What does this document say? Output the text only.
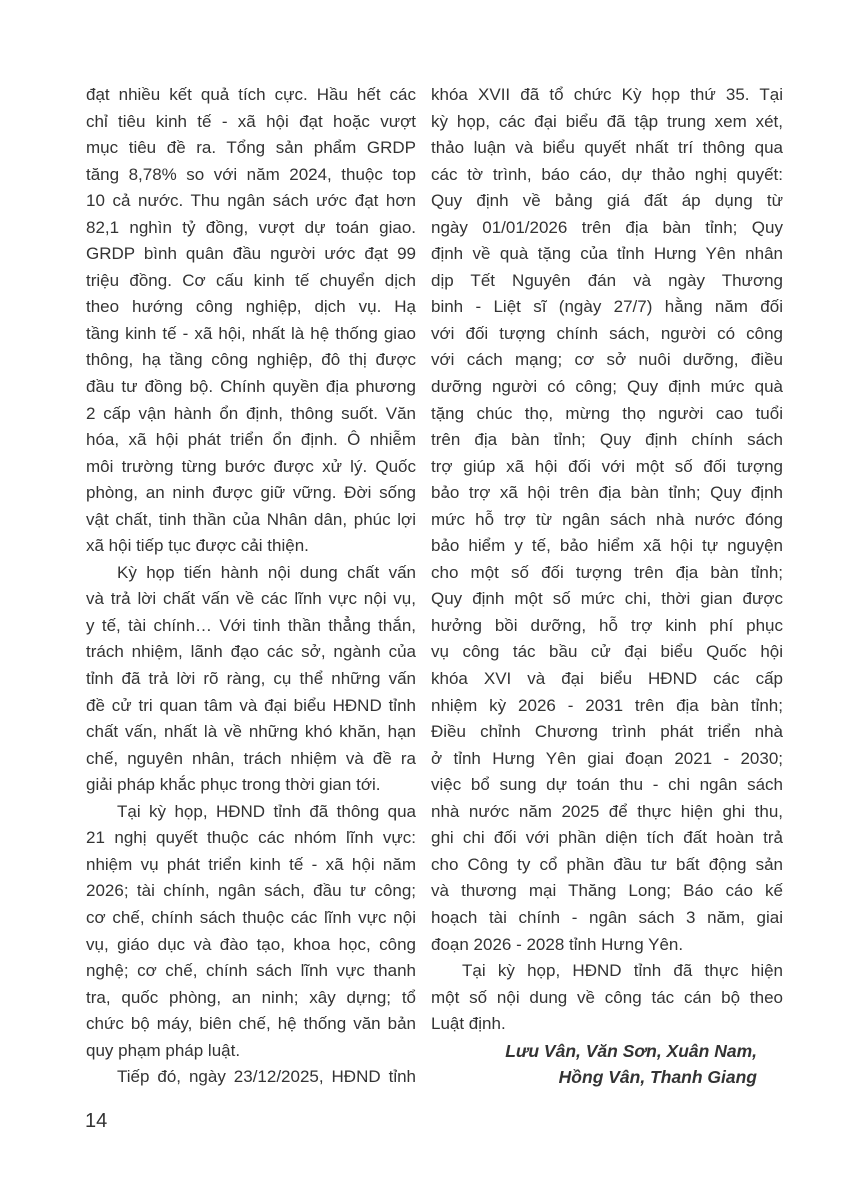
đạt nhiều kết quả tích cực. Hầu hết các
chỉ tiêu kinh tế - xã hội đạt hoặc vượt
mục tiêu đề ra. Tổng sản phẩm GRDP
tăng 8,78% so với năm 2024, thuộc top
10 cả nước. Thu ngân sách ước đạt hơn
82,1 nghìn tỷ đồng, vượt dự toán giao.
GRDP bình quân đầu người ước đạt 99
triệu đồng. Cơ cấu kinh tế chuyển dịch
theo hướng công nghiệp, dịch vụ. Hạ
tầng kinh tế - xã hội, nhất là hệ thống giao
thông, hạ tầng công nghiệp, đô thị được
đầu tư đồng bộ. Chính quyền địa phương
2 cấp vận hành ổn định, thông suốt. Văn
hóa, xã hội phát triển ổn định. Ô nhiễm
môi trường từng bước được xử lý. Quốc
phòng, an ninh được giữ vững. Đời sống
vật chất, tinh thần của Nhân dân, phúc lợi
xã hội tiếp tục được cải thiện.
Kỳ họp tiến hành nội dung chất vấn
và trả lời chất vấn về các lĩnh vực nội vụ,
y tế, tài chính… Với tinh thần thẳng thắn,
trách nhiệm, lãnh đạo các sở, ngành của
tỉnh đã trả lời rõ ràng, cụ thể những vấn
đề cử tri quan tâm và đại biểu HĐND tỉnh
chất vấn, nhất là về những khó khăn, hạn
chế, nguyên nhân, trách nhiệm và đề ra
giải pháp khắc phục trong thời gian tới.
Tại kỳ họp, HĐND tỉnh đã thông qua
21 nghị quyết thuộc các nhóm lĩnh vực:
nhiệm vụ phát triển kinh tế - xã hội năm
2026; tài chính, ngân sách, đầu tư công;
cơ chế, chính sách thuộc các lĩnh vực nội
vụ, giáo dục và đào tạo, khoa học, công
nghệ; cơ chế, chính sách lĩnh vực thanh
tra, quốc phòng, an ninh; xây dựng; tổ
chức bộ máy, biên chế, hệ thống văn bản
quy phạm pháp luật.
Tiếp đó, ngày 23/12/2025, HĐND tỉnh
khóa XVII đã tổ chức Kỳ họp thứ 35. Tại
kỳ họp, các đại biểu đã tập trung xem xét,
thảo luận và biểu quyết nhất trí thông qua
các tờ trình, báo cáo, dự thảo nghị quyết:
Quy định về bảng giá đất áp dụng từ
ngày 01/01/2026 trên địa bàn tỉnh; Quy
định về quà tặng của tỉnh Hưng Yên nhân
dịp Tết Nguyên đán và ngày Thương
binh - Liệt sĩ (ngày 27/7) hằng năm đối
với đối tượng chính sách, người có công
với cách mạng; cơ sở nuôi dưỡng, điều
dưỡng người có công; Quy định mức quà
tặng chúc thọ, mừng thọ người cao tuổi
trên địa bàn tỉnh; Quy định chính sách
trợ giúp xã hội đối với một số đối tượng
bảo trợ xã hội trên địa bàn tỉnh; Quy định
mức hỗ trợ từ ngân sách nhà nước đóng
bảo hiểm y tế, bảo hiểm xã hội tự nguyện
cho một số đối tượng trên địa bàn tỉnh;
Quy định một số mức chi, thời gian được
hưởng bồi dưỡng, hỗ trợ kinh phí phục
vụ công tác bầu cử đại biểu Quốc hội
khóa XVI và đại biểu HĐND các cấp
nhiệm kỳ 2026 - 2031 trên địa bàn tỉnh;
Điều chỉnh Chương trình phát triển nhà
ở tỉnh Hưng Yên giai đoạn 2021 - 2030;
việc bổ sung dự toán thu - chi ngân sách
nhà nước năm 2025 để thực hiện ghi thu,
ghi chi đối với phần diện tích đất hoàn trả
cho Công ty cổ phần đầu tư bất động sản
và thương mại Thăng Long; Báo cáo kế
hoạch tài chính - ngân sách 3 năm, giai
đoạn 2026 - 2028 tỉnh Hưng Yên.
Tại kỳ họp, HĐND tỉnh đã thực hiện
một số nội dung về công tác cán bộ theo
Luật định.
Lưu Vân, Văn Sơn, Xuân Nam,
Hồng Vân, Thanh Giang
14
